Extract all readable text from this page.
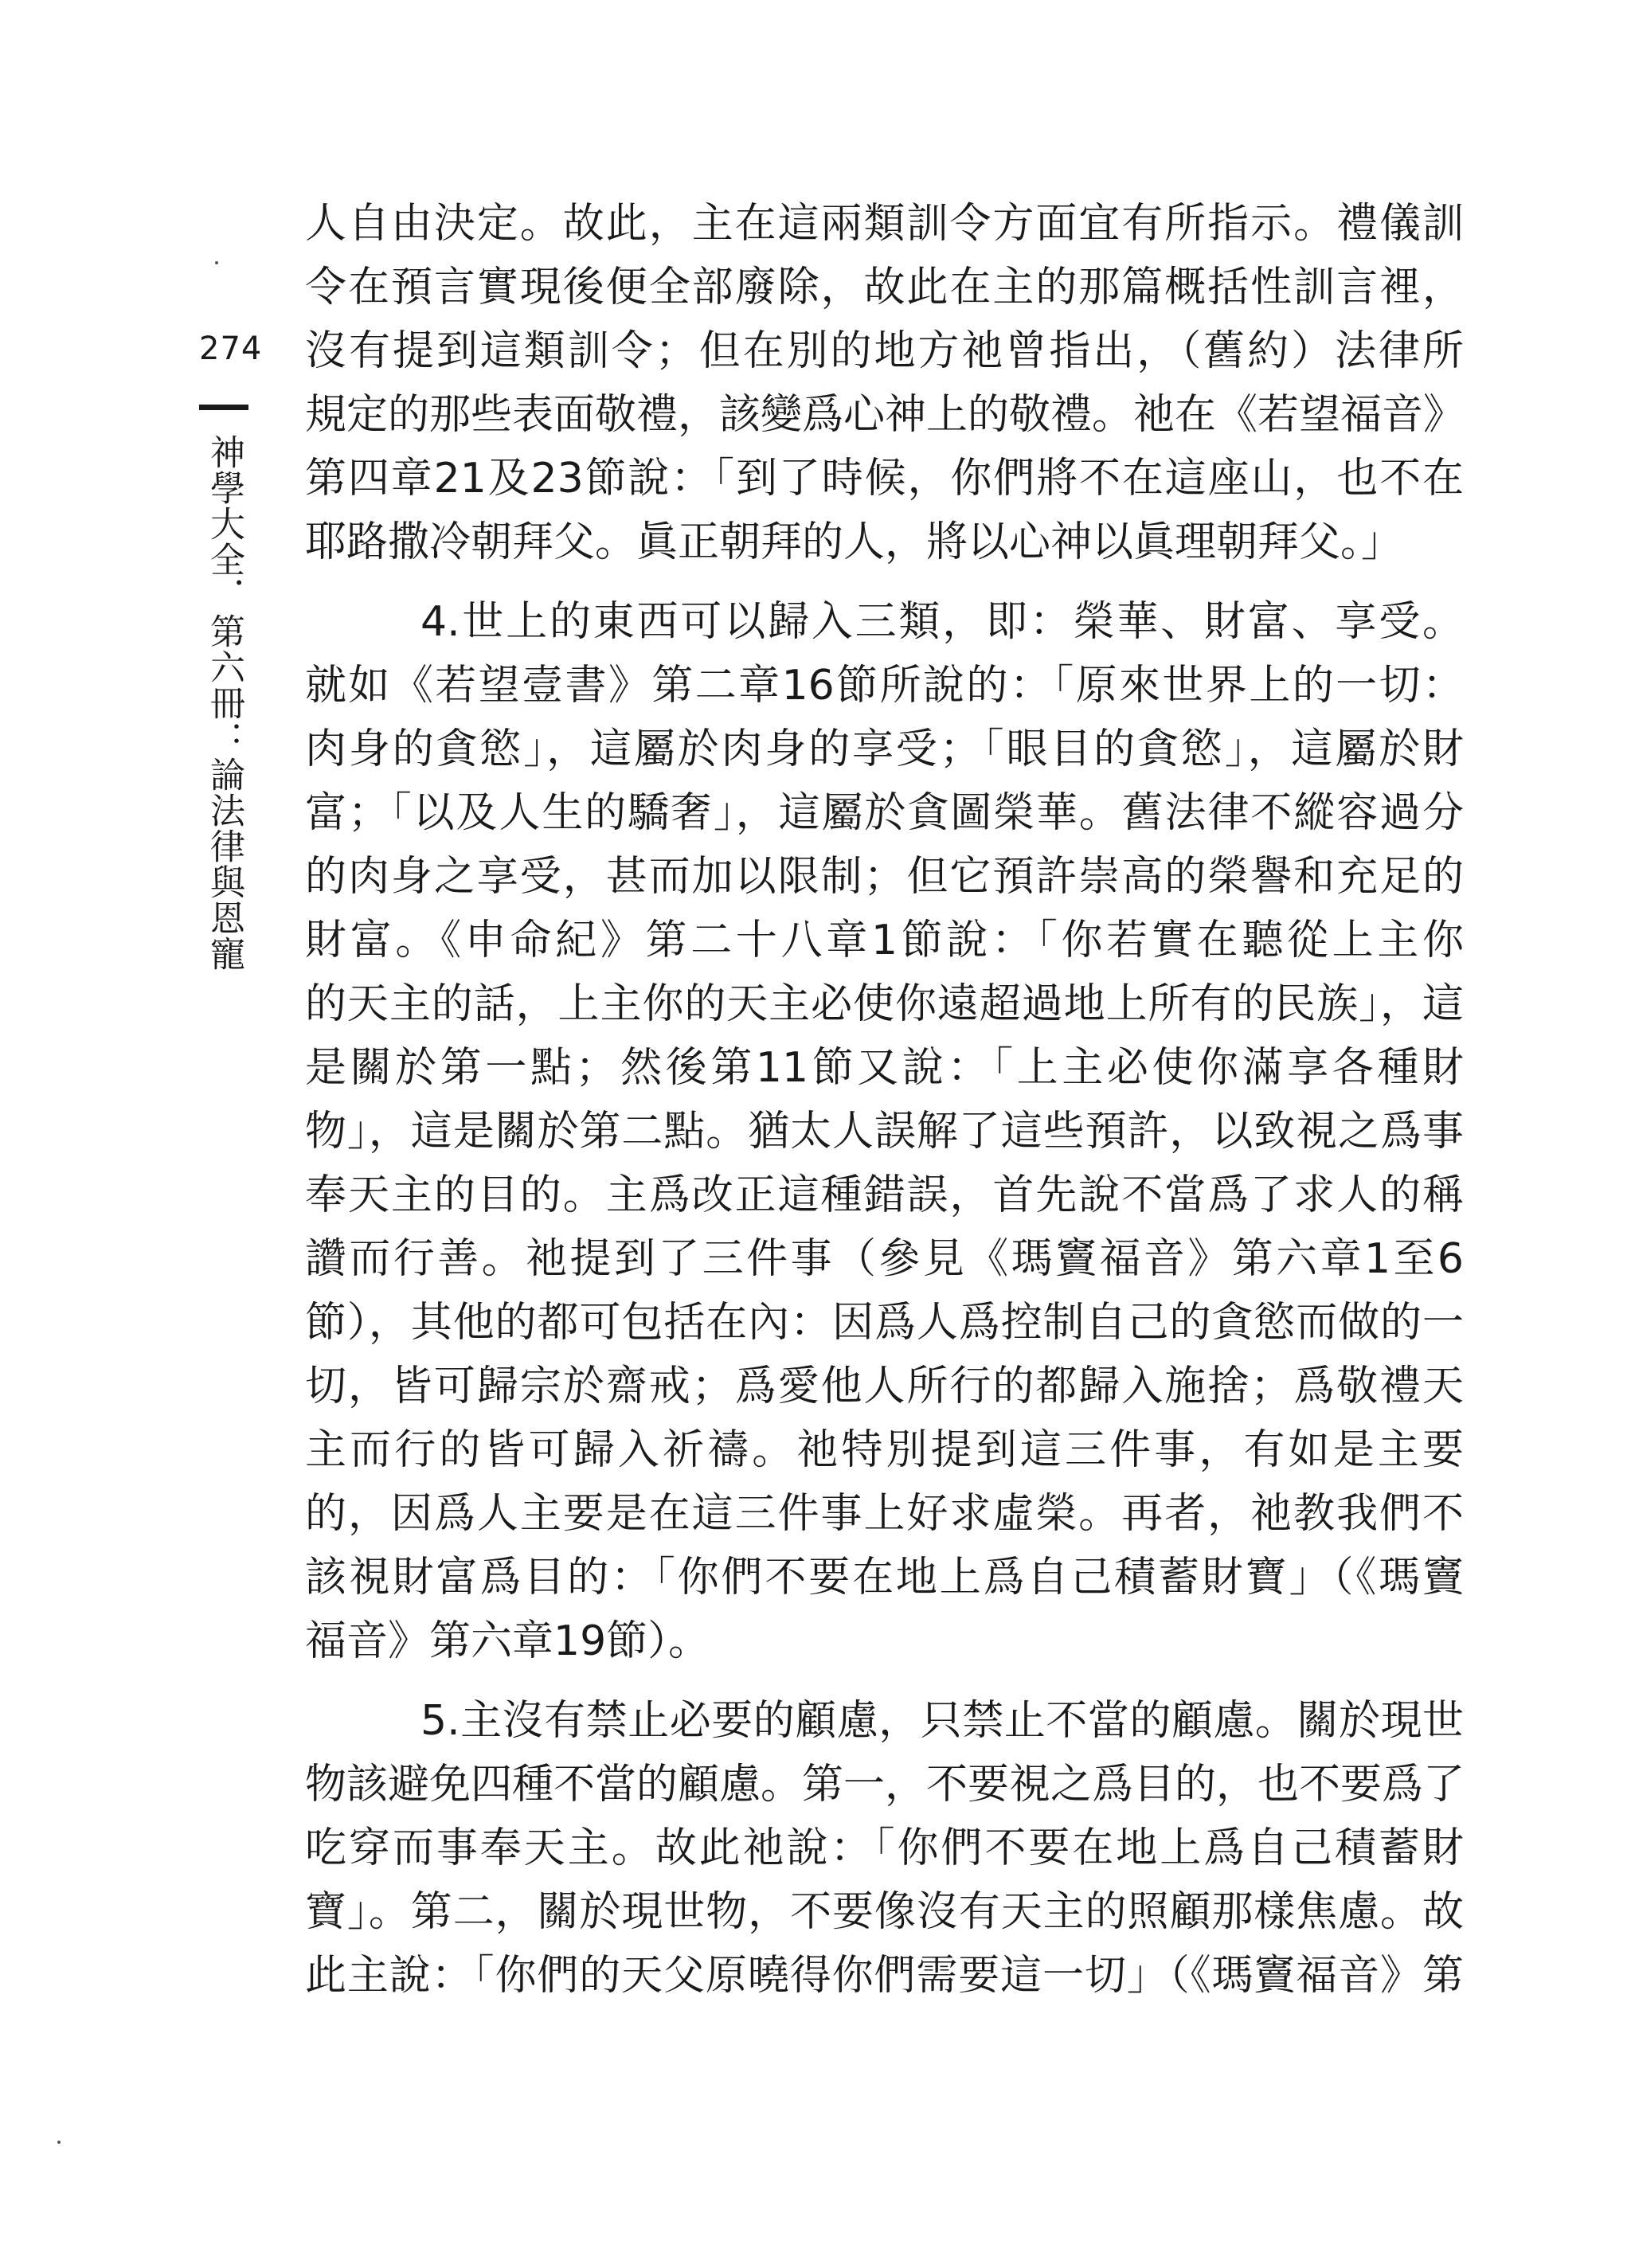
274
神學大全．第六冊：論法律與恩寵
人自由決定。故此，主在這兩類訓令方面宜有所指示。禮儀訓
令在預言實現後便全部廢除，故此在主的那篇概括性訓言裡，
沒有提到這類訓令；但在別的地方祂曾指出，（舊約）法律所
規定的那些表面敬禮，該變爲心神上的敬禮。祂在《若望福音》
第四章21及23節說：「到了時候，你們將不在這座山，也不在
耶路撒冷朝拜父。眞正朝拜的人，將以心神以眞理朝拜父。」
4.世上的東西可以歸入三類，即：榮華、財富、享受。
就如《若望壹書》第二章16節所說的：「原來世界上的一切：
肉身的貪慾」，這屬於肉身的享受；「眼目的貪慾」，這屬於財
富；「以及人生的驕奢」，這屬於貪圖榮華。舊法律不縱容過分
的肉身之享受，甚而加以限制；但它預許崇高的榮譽和充足的
財富。《申命紀》第二十八章1節說：「你若實在聽從上主你
的天主的話，上主你的天主必使你遠超過地上所有的民族」，這
是關於第一點；然後第11節又說：「上主必使你滿享各種財
物」，這是關於第二點。猶太人誤解了這些預許，以致視之爲事
奉天主的目的。主爲改正這種錯誤，首先說不當爲了求人的稱
讚而行善。祂提到了三件事（參見《瑪竇福音》第六章1至6
節），其他的都可包括在內：因爲人爲控制自己的貪慾而做的一
切，皆可歸宗於齋戒；爲愛他人所行的都歸入施捨；爲敬禮天
主而行的皆可歸入祈禱。祂特別提到這三件事，有如是主要
的，因爲人主要是在這三件事上好求虛榮。再者，祂教我們不
該視財富爲目的：「你們不要在地上爲自己積蓄財寶」（《瑪竇
福音》第六章19節）。
5.主沒有禁止必要的顧慮，只禁止不當的顧慮。關於現世
物該避免四種不當的顧慮。第一，不要視之爲目的，也不要爲了
吃穿而事奉天主。故此祂說：「你們不要在地上爲自己積蓄財
寶」。第二，關於現世物，不要像沒有天主的照顧那樣焦慮。故
此主說：「你們的天父原曉得你們需要這一切」（《瑪竇福音》第
